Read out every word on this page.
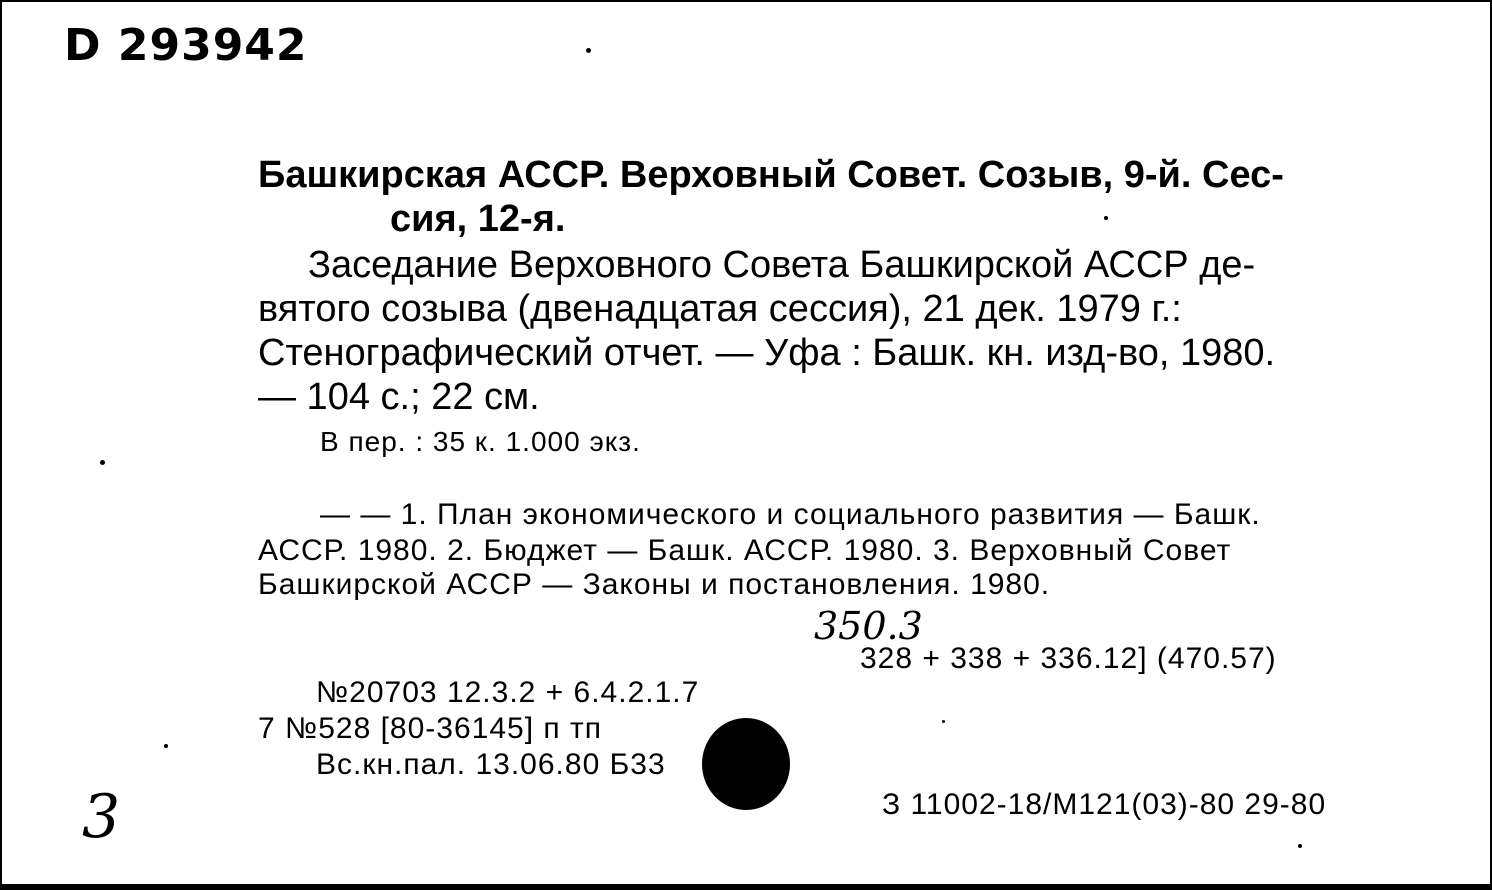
D 293942
Башкирская АССР. Верховный Совет. Созыв, 9-й. Сес-
сия, 12-я.
Заседание Верховного Совета Башкирской АССР де-
вятого созыва (двенадцатая сессия), 21 дек. 1979 г.:
Стенографический отчет. — Уфа : Башк. кн. изд-во, 1980.
— 104 с.; 22 см.
В пер. : 35 к. 1.000 экз.
— — 1. План экономического и социального развития — Башк.
АССР. 1980. 2. Бюджет — Башк. АССР. 1980. 3. Верховный Совет
Башкирской АССР — Законы и постановления. 1980.
350.3
328 + 338 + 336.12] (470.57)
№20703 12.3.2 + 6.4.2.1.7
7 №528 [80-36145] п тп
Вс.кн.пал. 13.06.80 Б33
3	З 11002-18/М121(03)-80 29-80
